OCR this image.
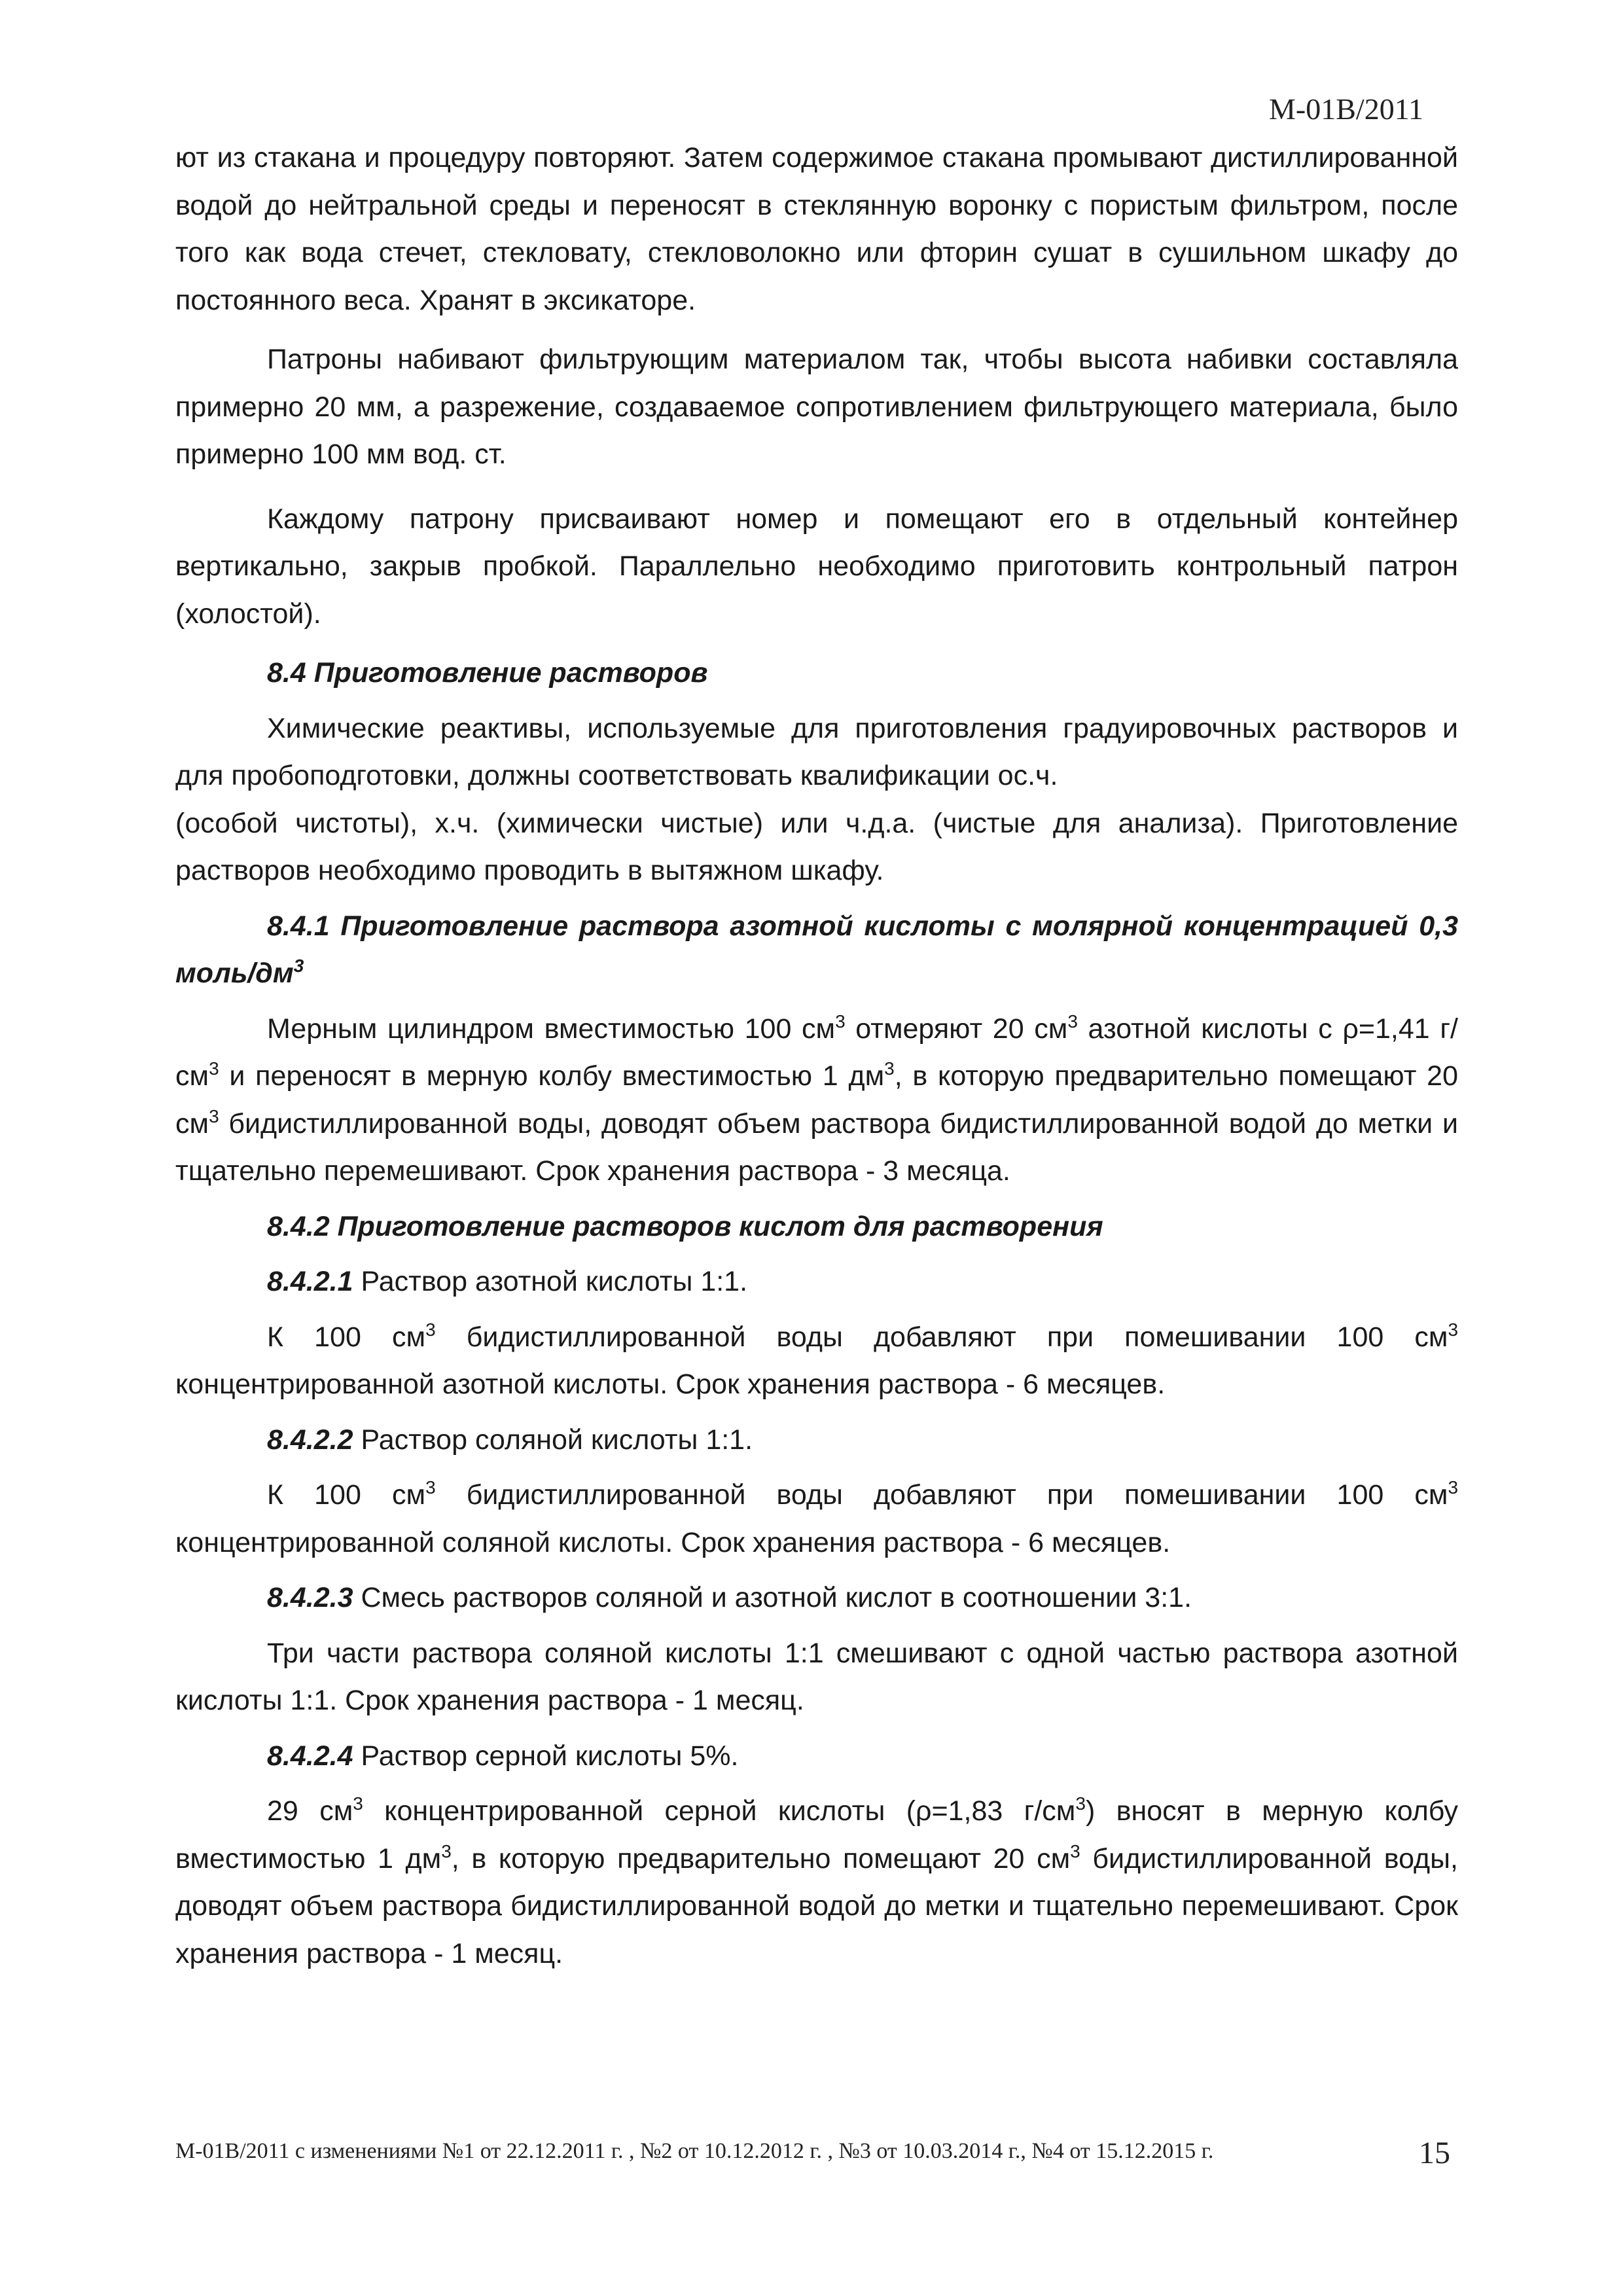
М-01В/2011

ют из стакана и процедуру повторяют. Затем содержимое стакана промывают дистиллированной водой до нейтральной среды и переносят в стеклянную воронку с пористым фильтром, после того как вода стечет, стекловату, стекловолокно или фторин сушат в сушильном шкафу до постоянного веса. Хранят в эксикаторе.

Патроны набивают фильтрующим материалом так, чтобы высота набивки составляла примерно 20 мм, а разрежение, создаваемое сопротивлением фильтрующего материала, было примерно 100 мм вод. ст.

Каждому патрону присваивают номер и помещают его в отдельный контейнер вертикально, закрыв пробкой. Параллельно необходимо приготовить контрольный патрон (холостой).

8.4 Приготовление растворов

Химические реактивы, используемые для приготовления градуировочных растворов и для пробоподготовки, должны соответствовать квалификации ос.ч.

(особой чистоты), х.ч. (химически чистые) или ч.д.а. (чистые для анализа). Приготовление растворов необходимо проводить в вытяжном шкафу.

8.4.1 Приготовление раствора азотной кислоты с молярной концентрацией 0,3 моль/$дм^3$

Мерным цилиндром вместимостью 100 $см^3$ отмеряют 20 $см^3$ азотной кислоты с ρ=1,41 $г/см^3$ и переносят в мерную колбу вместимостью 1 $дм^3$, в которую предварительно помещают 20 $см^3$ бидистиллированной воды, доводят объем раствора бидистиллированной водой до метки и тщательно перемешивают. Срок хранения раствора - 3 месяца.

8.4.2 Приготовление растворов кислот для растворения

8.4.2.1 Раствор азотной кислоты 1:1.

К 100 $см^3$ бидистиллированной воды добавляют при помешивании 100 $см^3$ концентрированной азотной кислоты. Срок хранения раствора - 6 месяцев.

8.4.2.2 Раствор соляной кислоты 1:1.

К 100 $см^3$ бидистиллированной воды добавляют при помешивании 100 $см^3$ концентрированной соляной кислоты. Срок хранения раствора - 6 месяцев.

8.4.2.3 Смесь растворов соляной и азотной кислот в соотношении 3:1.

Три части раствора соляной кислоты 1:1 смешивают с одной частью раствора азотной кислоты 1:1. Срок хранения раствора - 1 месяц.

8.4.2.4 Раствор серной кислоты 5%.

29 $см^3$ концентрированной серной кислоты (ρ=1,83 $г/см^3$) вносят в мерную колбу вместимостью 1 $дм^3$, в которую предварительно помещают 20 $см^3$ бидистиллированной воды, доводят объем раствора бидистиллированной водой до метки и тщательно перемешивают. Срок хранения раствора - 1 месяц.

М-01В/2011 с изменениями №1 от 22.12.2011 г. , №2 от 10.12.2012 г. , №3 от 10.03.2014 г., №4 от 15.12.2015 г.	15
